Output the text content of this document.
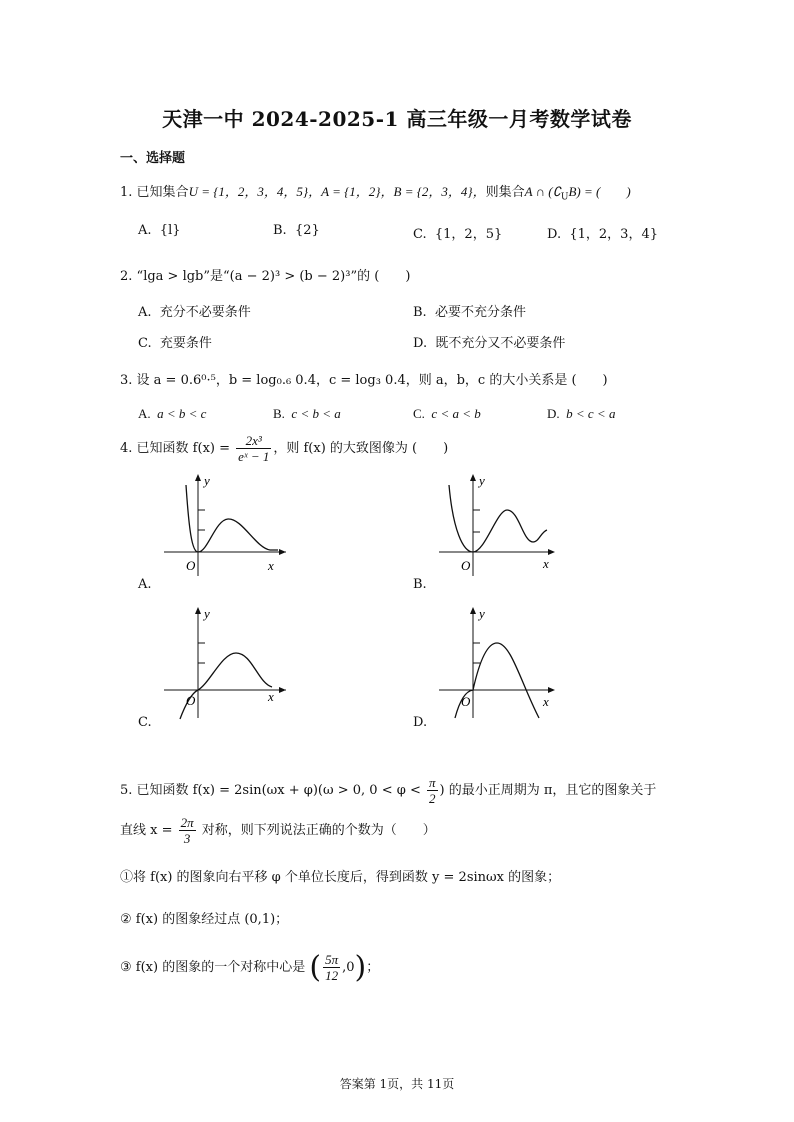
天津一中 2024-2025-1 高三年级一月考数学试卷
一、选择题
1. 已知集合U = {1，2，3，4，5}，A = {1，2}，B = {2，3，4}，则集合A ∩ $(∁_UB)$ = (　　)
A. {l}	B. {2}	C. {1，2，5}	D. {1，2，3，4}
2. “lga > lgb”是“(a − 2)³ > (b − 2)³”的 (　　)
A. 充分不必要条件	B. 必要不充分条件
C. 充要条件	D. 既不充分又不必要条件
3. 设 a = 0.6⁰·⁵，b = log₀.₆ 0.4，c = log₃ 0.4，则 a，b，c 的大小关系是 (　　)
A. a < b < c	B. c < b < a	C. c < a < b	D. b < c < a
4. 已知函数 $f(x) = \frac{\text{2x³}}{\text{eˣ − 1}}$ ，则 f(x) 的大致图像为 (　　)
y
x
O
A.
y
x
O
B.
y
x
O
C.
y
x
O
D.
5. 已知函数 f(x) = 2sin(ωx + φ)(ω > 0, $0 < \varphi < \frac{\pi}{2}$ ) 的最小正周期为 π，且它的图象关于
直线 $x = \frac{2\pi}{3}$ 对称，则下列说法正确的个数为（　　）
①将 f(x) 的图象向右平移 φ 个单位长度后，得到函数 y = 2sinωx 的图象；
② f(x) 的图象经过点 (0,1)；
③ f(x) 的图象的一个对称中心是 ( $\frac{5\pi}{12} ,0$)；
答案第 1页，共 11页
